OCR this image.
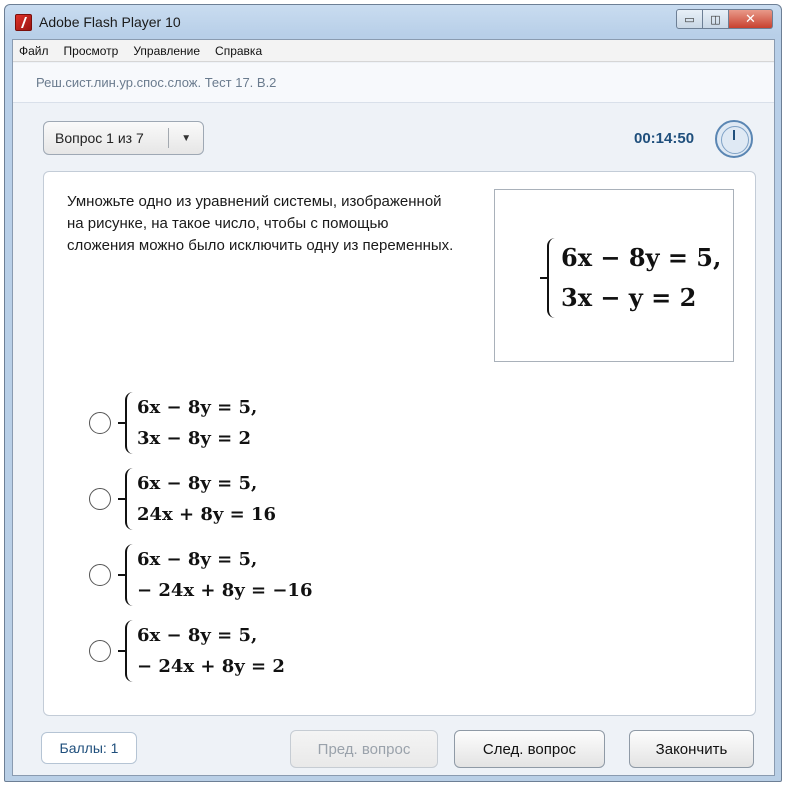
Adobe Flash Player 10	▭	◫	✕
Файл Просмотр Управление Справка
Реш.сист.лин.ур.спос.слож. Тест 17. В.2
Вопрос 1 из 7	▼	00:14:50
Умножьте одно из уравнений системы, изображенной на рисунке, на такое число, чтобы с помощью сложения можно было исключить одну из переменных.	6x − 8y = 5,
3x − y = 2
6x − 8y = 5,
3x − 8y = 2
6x − 8y = 5,
24x + 8y = 16
6x − 8y = 5,
− 24x + 8y = −16
6x − 8y = 5,
− 24x + 8y = 2
Баллы: 1	Пред. вопрос	След. вопрос	Закончить
